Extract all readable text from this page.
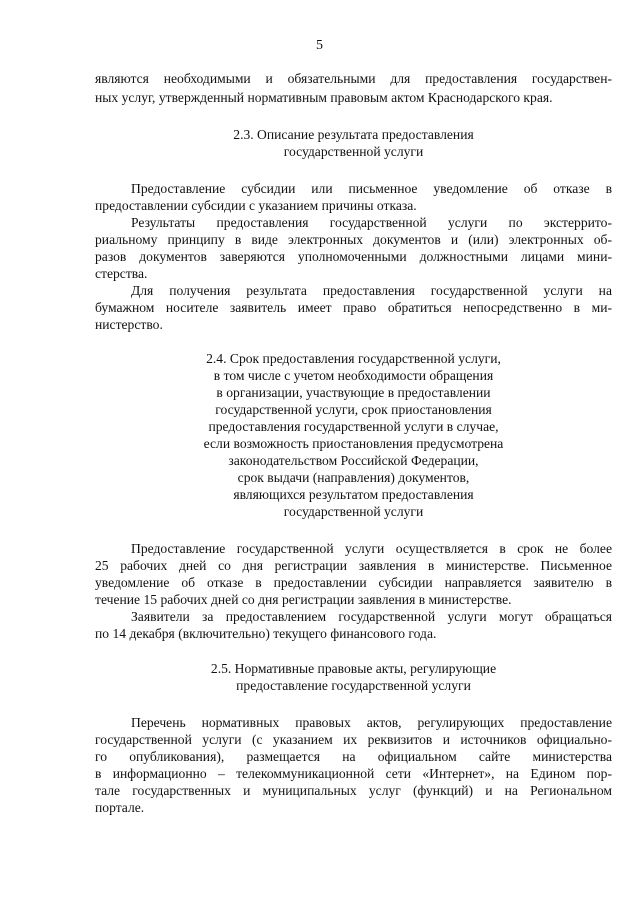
5
являются необходимыми и обязательными для предоставления государствен-
ных услуг, утвержденный нормативным правовым актом Краснодарского края.
2.3. Описание результата предоставления
государственной услуги
Предоставление субсидии или письменное уведомление об отказе в
предоставлении субсидии с указанием причины отказа.
Результаты предоставления государственной услуги по экстеррито-
риальному принципу в виде электронных документов и (или) электронных об-
разов документов заверяются уполномоченными должностными лицами мини-
стерства.
Для получения результата предоставления государственной услуги на
бумажном носителе заявитель имеет право обратиться непосредственно в ми-
нистерство.
2.4. Срок предоставления государственной услуги,
в том числе с учетом необходимости обращения
в организации, участвующие в предоставлении
государственной услуги, срок приостановления
предоставления государственной услуги в случае,
если возможность приостановления предусмотрена
законодательством Российской Федерации,
срок выдачи (направления) документов,
являющихся результатом предоставления
государственной услуги
Предоставление государственной услуги осуществляется в срок не более
25 рабочих дней со дня регистрации заявления в министерстве. Письменное
уведомление об отказе в предоставлении субсидии направляется заявителю в
течение 15 рабочих дней со дня регистрации заявления в министерстве.
Заявители за предоставлением государственной услуги могут обращаться
по 14 декабря (включительно) текущего финансового года.
2.5. Нормативные правовые акты, регулирующие
предоставление государственной услуги
Перечень нормативных правовых актов, регулирующих предоставление
государственной услуги (с указанием их реквизитов и источников официально-
го опубликования), размещается на официальном сайте министерства
в информационно – телекоммуникационной сети «Интернет», на Едином пор-
тале государственных и муниципальных услуг (функций) и на Региональном
портале.
